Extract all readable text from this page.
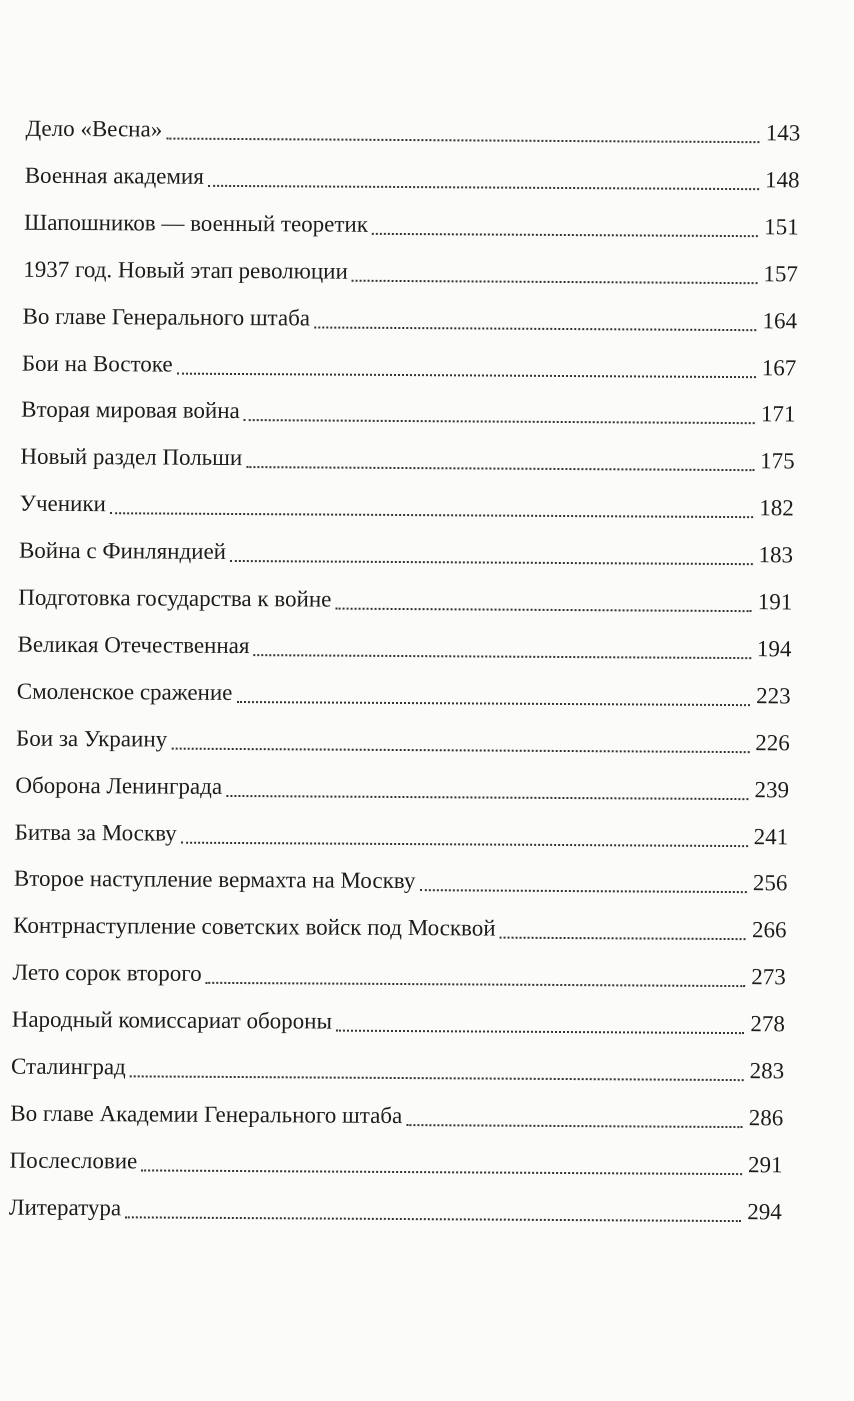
Дело «Весна»	143
Военная академия	148
Шапошников — военный теоретик	151
1937 год. Новый этап революции	157
Во главе Генерального штаба	164
Бои на Востоке	167
Вторая мировая война	171
Новый раздел Польши	175
Ученики	182
Война с Финляндией	183
Подготовка государства к войне	191
Великая Отечественная	194
Смоленское сражение	223
Бои за Украину	226
Оборона Ленинграда	239
Битва за Москву	241
Второе наступление вермахта на Москву	256
Контрнаступление советских войск под Москвой	266
Лето сорок второго	273
Народный комиссариат обороны	278
Сталинград	283
Во главе Академии Генерального штаба	286
Послесловие	291
Литература	294
